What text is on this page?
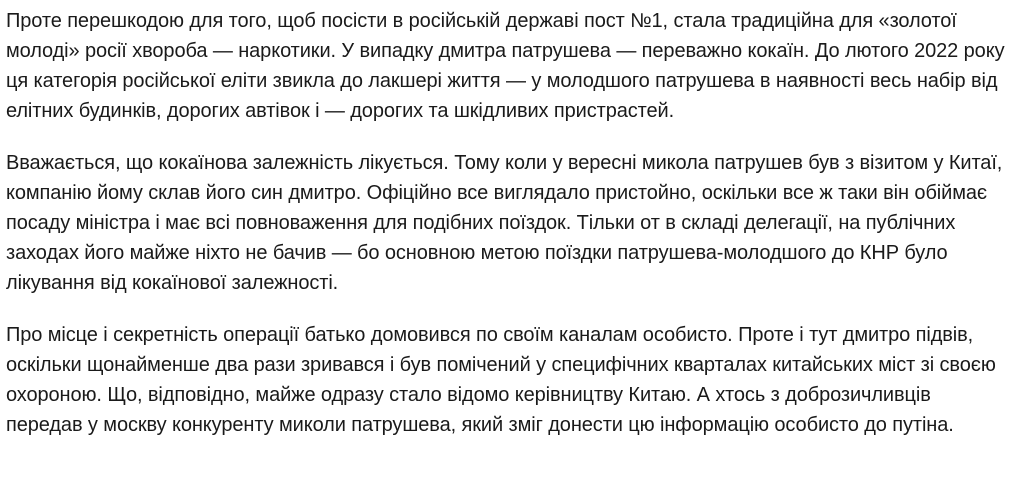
Проте перешкодою для того, щоб посісти в російській державі пост №1, стала традиційна для «золотої молоді» росії хвороба — наркотики. У випадку дмитра патрушева — переважно кокаїн. До лютого 2022 року ця категорія російської еліти звикла до лакшері життя — у молодшого патрушева в наявності весь набір від елітних будинків, дорогих автівок і — дорогих та шкідливих пристрастей.

Вважається, що кокаїнова залежність лікується. Тому коли у вересні микола патрушев був з візитом у Китаї, компанію йому склав його син дмитро. Офіційно все виглядало пристойно, оскільки все ж таки він обіймає посаду міністра і має всі повноваження для подібних поїздок. Тільки от в складі делегації, на публічних заходах його майже ніхто не бачив — бо основною метою поїздки патрушева-молодшого до КНР було лікування від кокаїнової залежності.

Про місце і секретність операції батько домовився по своїм каналам особисто. Проте і тут дмитро підвів, оскільки щонайменше два рази зривався і був помічений у специфічних кварталах китайських міст зі своєю охороною. Що, відповідно, майже одразу стало відомо керівництву Китаю. А хтось з доброзичливців передав у москву конкуренту миколи патрушева, який зміг донести цю інформацію особисто до путіна.
